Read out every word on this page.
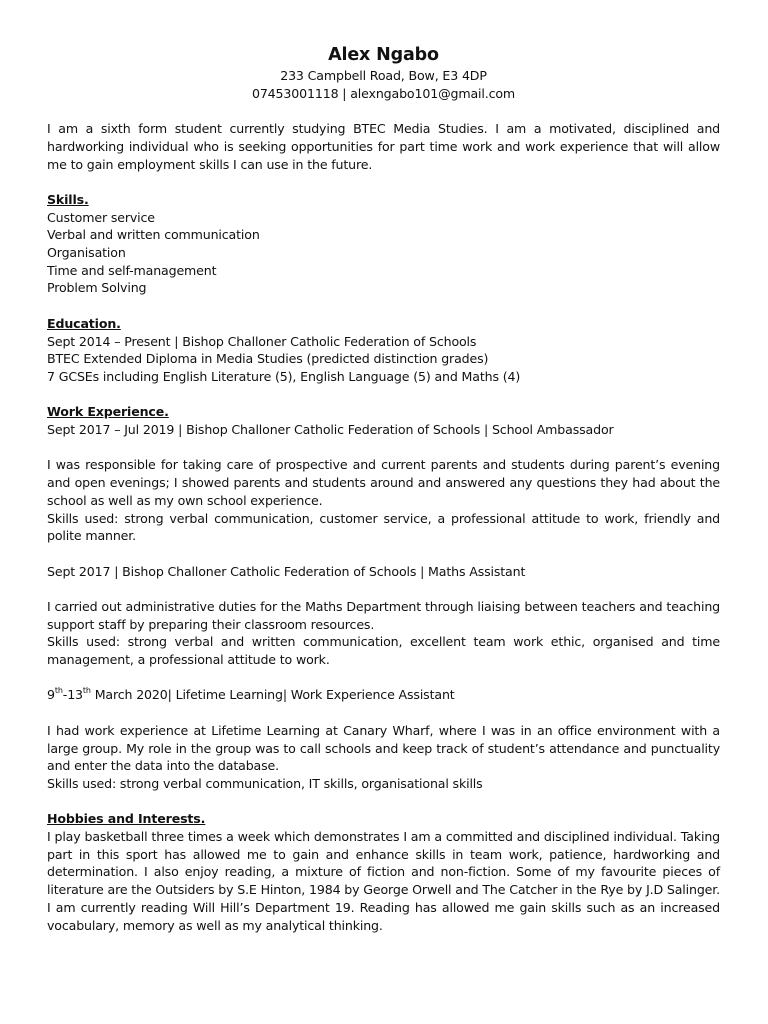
Alex Ngabo
233 Campbell Road, Bow, E3 4DP
07453001118 | alexngabo101@gmail.com

I am a sixth form student currently studying BTEC Media Studies. I am a motivated, disciplined and hardworking individual who is seeking opportunities for part time work and work experience that will allow me to gain employment skills I can use in the future.

Skills.
Customer service
Verbal and written communication
Organisation
Time and self-management
Problem Solving
Education.
Sept 2014 – Present | Bishop Challoner Catholic Federation of Schools
BTEC Extended Diploma in Media Studies (predicted distinction grades)
7 GCSEs including English Literature (5), English Language (5) and Maths (4)
Work Experience.
Sept 2017 – Jul 2019 | Bishop Challoner Catholic Federation of Schools | School Ambassador

I was responsible for taking care of prospective and current parents and students during parent’s evening and open evenings; I showed parents and students around and answered any questions they had about the school as well as my own school experience.

Skills used: strong verbal communication, customer service, a professional attitude to work, friendly and polite manner.

Sept 2017 | Bishop Challoner Catholic Federation of Schools | Maths Assistant

I carried out administrative duties for the Maths Department through liaising between teachers and teaching support staff by preparing their classroom resources.

Skills used: strong verbal and written communication, excellent team work ethic, organised and time management, a professional attitude to work.

9th-13th March 2020| Lifetime Learning| Work Experience Assistant

I had work experience at Lifetime Learning at Canary Wharf, where I was in an office environment with a large group. My role in the group was to call schools and keep track of student’s attendance and punctuality and enter the data into the database.

Skills used: strong verbal communication, IT skills, organisational skills

Hobbies and Interests.

I play basketball three times a week which demonstrates I am a committed and disciplined individual. Taking part in this sport has allowed me to gain and enhance skills in team work, patience, hardworking and determination. I also enjoy reading, a mixture of fiction and non-fiction. Some of my favourite pieces of literature are the Outsiders by S.E Hinton, 1984 by George Orwell and The Catcher in the Rye by J.D Salinger. I am currently reading Will Hill’s Department 19. Reading has allowed me gain skills such as an increased vocabulary, memory as well as my analytical thinking.
